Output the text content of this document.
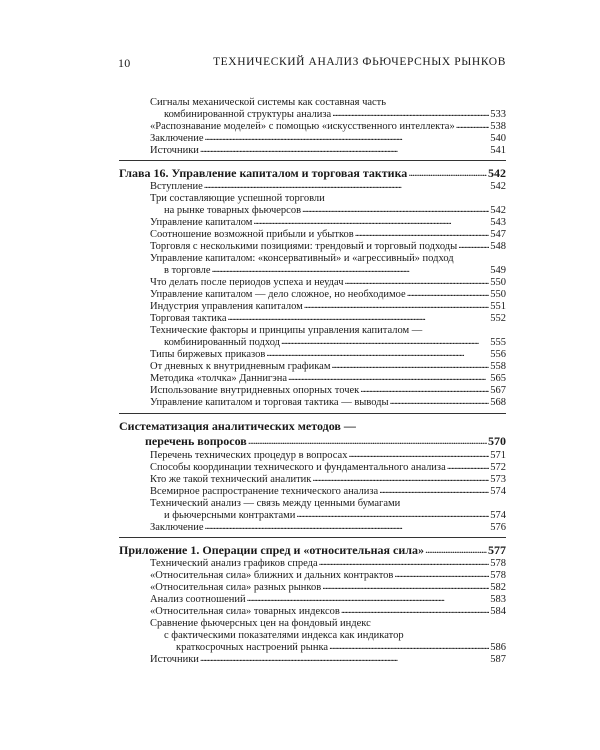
10	ТЕХНИЧЕСКИЙ АНАЛИЗ ФЬЮЧЕРСНЫХ РЫНКОВ
Сигналы механической системы как составная часть
комбинированной структуры анализа . . .	533
«Распознавание моделей» с помощью «искусственного интеллекта» . . .	538
Заключение . . .	540
Источники . . .	541
Глава 16. Управление капиталом и торговая тактика . . .	542
Вступление . . .	542
Три составляющие успешной торговли
на рынке товарных фьючерсов . . .	542
Управление капиталом . . .	543
Соотношение возможной прибыли и убытков . . .	547
Торговля с несколькими позициями: трендовый и торговый подходы . . .	548
Управление капиталом: «консервативный» и «агрессивный» подход
в торговле . . .	549
Что делать после периодов успеха и неудач . . .	550
Управление капиталом — дело сложное, но необходимое . . .	550
Индустрия управления капиталом . . .	551
Торговая тактика . . .	552
Технические факторы и принципы управления капиталом —
комбинированный подход . . .	555
Типы биржевых приказов . . .	556
От дневных к внутридневным графикам . . .	558
Методика «толчка» Даннигэна . . .	565
Использование внутридневных опорных точек . . .	567
Управление капиталом и торговая тактика — выводы . . .	568
Систематизация аналитических методов —
перечень вопросов . . .	570
Перечень технических процедур в вопросах . . .	571
Способы координации технического и фундаментального анализа . . .	572
Кто же такой технический аналитик . . .	573
Всемирное распространение технического анализа . . .	574
Технический анализ — связь между ценными бумагами
и фьючерсными контрактами . . .	574
Заключение . . .	576
Приложение 1. Операции спред и «относительная сила» . . .	577
Технический анализ графиков спреда . . .	578
«Относительная сила» ближних и дальних контрактов . . .	578
«Относительная сила» разных рынков . . .	582
Анализ соотношений . . .	583
«Относительная сила» товарных индексов . . .	584
Сравнение фьючерсных цен на фондовый индекс
с фактическими показателями индекса как индикатор
краткосрочных настроений рынка . . .	586
Источники . . .	587
